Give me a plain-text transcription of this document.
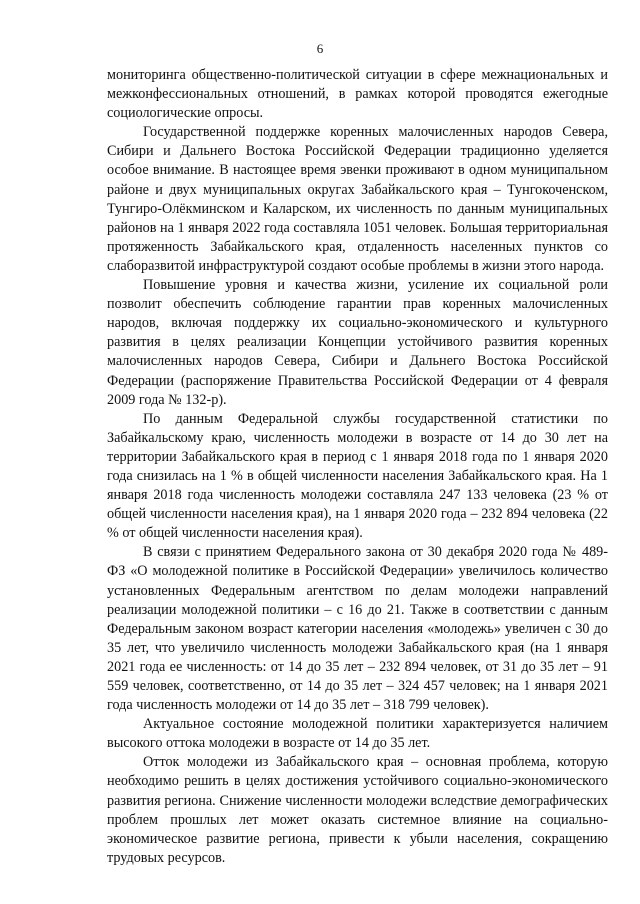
6

мониторинга общественно-политической ситуации в сфере межнациональных и межконфессиональных отношений, в рамках которой проводятся ежегодные социологические опросы.

Государственной поддержке коренных малочисленных народов Севера, Сибири и Дальнего Востока Российской Федерации традиционно уделяется особое внимание. В настоящее время эвенки проживают в одном муниципальном районе и двух муниципальных округах Забайкальского края – Тунгокоченском, Тунгиро-Олёкминском и Каларском, их численность по данным муниципальных районов на 1 января 2022 года составляла 1051 человек. Большая территориальная протяженность Забайкальского края, отдаленность населенных пунктов со слаборазвитой инфраструктурой создают особые проблемы в жизни этого народа.

Повышение уровня и качества жизни, усиление их социальной роли позволит обеспечить соблюдение гарантии прав коренных малочисленных народов, включая поддержку их социально-экономического и культурного развития в целях реализации Концепции устойчивого развития коренных малочисленных народов Севера, Сибири и Дальнего Востока Российской Федерации (распоряжение Правительства Российской Федерации от 4 февраля 2009 года № 132-р).

По данным Федеральной службы государственной статистики по Забайкальскому краю, численность молодежи в возрасте от 14 до 30 лет на территории Забайкальского края в период с 1 января 2018 года по 1 января 2020 года снизилась на 1 % в общей численности населения Забайкальского края. На 1 января 2018 года численность молодежи составляла 247 133 человека (23 % от общей численности населения края), на 1 января 2020 года – 232 894 человека (22 % от общей численности населения края).

В связи с принятием Федерального закона от 30 декабря 2020 года № 489-ФЗ «О молодежной политике в Российской Федерации» увеличилось количество установленных Федеральным агентством по делам молодежи направлений реализации молодежной политики – с 16 до 21. Также в соответствии с данным Федеральным законом возраст категории населения «молодежь» увеличен с 30 до 35 лет, что увеличило численность молодежи Забайкальского края (на 1 января 2021 года ее численность: от 14 до 35 лет – 232 894 человек, от 31 до 35 лет – 91 559 человек, соответственно, от 14 до 35 лет – 324 457 человек; на 1 января 2021 года численность молодежи от 14 до 35 лет – 318 799 человек).

Актуальное состояние молодежной политики характеризуется наличием высокого оттока молодежи в возрасте от 14 до 35 лет.

Отток молодежи из Забайкальского края – основная проблема, которую необходимо решить в целях достижения устойчивого социально-экономического развития региона. Снижение численности молодежи вследствие демографических проблем прошлых лет может оказать системное влияние на социально-экономическое развитие региона, привести к убыли населения, сокращению трудовых ресурсов.
